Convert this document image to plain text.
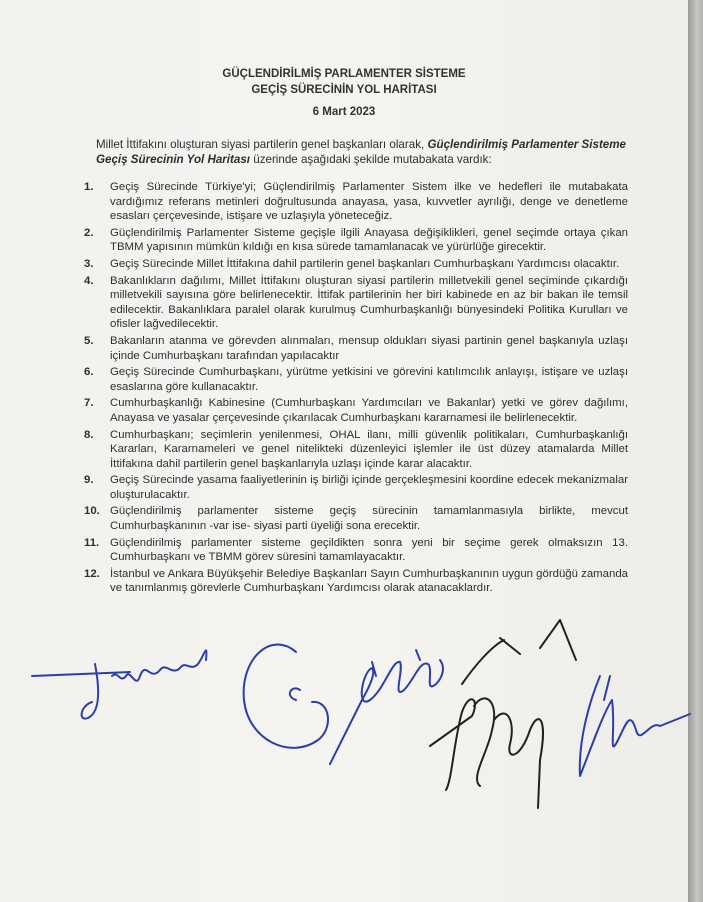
GÜÇLENDİRİLMİŞ PARLAMENTER SİSTEME
GEÇİŞ SÜRECİNİN YOL HARİTASI
6 Mart 2023
Millet İttifakını oluşturan siyasi partilerin genel başkanları olarak, Güçlendirilmiş Parlamenter Sisteme Geçiş Sürecinin Yol Haritası üzerinde aşağıdaki şekilde mutabakata vardık:
1.	Geçiş Sürecinde Türkiye'yi; Güçlendirilmiş Parlamenter Sistem ilke ve hedefleri ile mutabakata vardığımız referans metinleri doğrultusunda anayasa, yasa, kuvvetler ayrılığı, denge ve denetleme esasları çerçevesinde, istişare ve uzlaşıyla yöneteceğiz.
2.	Güçlendirilmiş Parlamenter Sisteme geçişle ilgili Anayasa değişiklikleri, genel seçimde ortaya çıkan TBMM yapısının mümkün kıldığı en kısa sürede tamamlanacak ve yürürlüğe girecektir.
3.	Geçiş Sürecinde Millet İttifakına dahil partilerin genel başkanları Cumhurbaşkanı Yardımcısı olacaktır.
4.	Bakanlıkların dağılımı, Millet İttifakını oluşturan siyasi partilerin milletvekili genel seçiminde çıkardığı milletvekili sayısına göre belirlenecektir. İttifak partilerinin her biri kabinede en az bir bakan ile temsil edilecektir. Bakanlıklara paralel olarak kurulmuş Cumhurbaşkanlığı bünyesindeki Politika Kurulları ve ofisler lağvedilecektir.
5.	Bakanların atanma ve görevden alınmaları, mensup oldukları siyasi partinin genel başkanıyla uzlaşı içinde Cumhurbaşkanı tarafından yapılacaktır
6.	Geçiş Sürecinde Cumhurbaşkanı, yürütme yetkisini ve görevini katılımcılık anlayışı, istişare ve uzlaşı esaslarına göre kullanacaktır.
7.	Cumhurbaşkanlığı Kabinesine (Cumhurbaşkanı Yardımcıları ve Bakanlar) yetki ve görev dağılımı, Anayasa ve yasalar çerçevesinde çıkarılacak Cumhurbaşkanı kararnamesi ile belirlenecektir.
8.	Cumhurbaşkanı; seçimlerin yenilenmesi, OHAL ilanı, milli güvenlik politikaları, Cumhurbaşkanlığı Kararları, Kararnameleri ve genel nitelikteki düzenleyici işlemler ile üst düzey atamalarda Millet İttifakına dahil partilerin genel başkanlarıyla uzlaşı içinde karar alacaktır.
9.	Geçiş Sürecinde yasama faaliyetlerinin iş birliği içinde gerçekleşmesini koordine edecek mekanizmalar oluşturulacaktır.
10. Güçlendirilmiş parlamenter sisteme geçiş sürecinin tamamlanmasıyla birlikte, mevcut Cumhurbaşkanının -var ise- siyasi parti üyeliği sona erecektir.
11. Güçlendirilmiş parlamenter sisteme geçildikten sonra yeni bir seçime gerek olmaksızın 13. Cumhurbaşkanı ve TBMM görev süresini tamamlayacaktır.
12. İstanbul ve Ankara Büyükşehir Belediye Başkanları Sayın Cumhurbaşkanının uygun gördüğü zamanda ve tanımlanmış görevlerle Cumhurbaşkanı Yardımcısı olarak atanacaklardır.
